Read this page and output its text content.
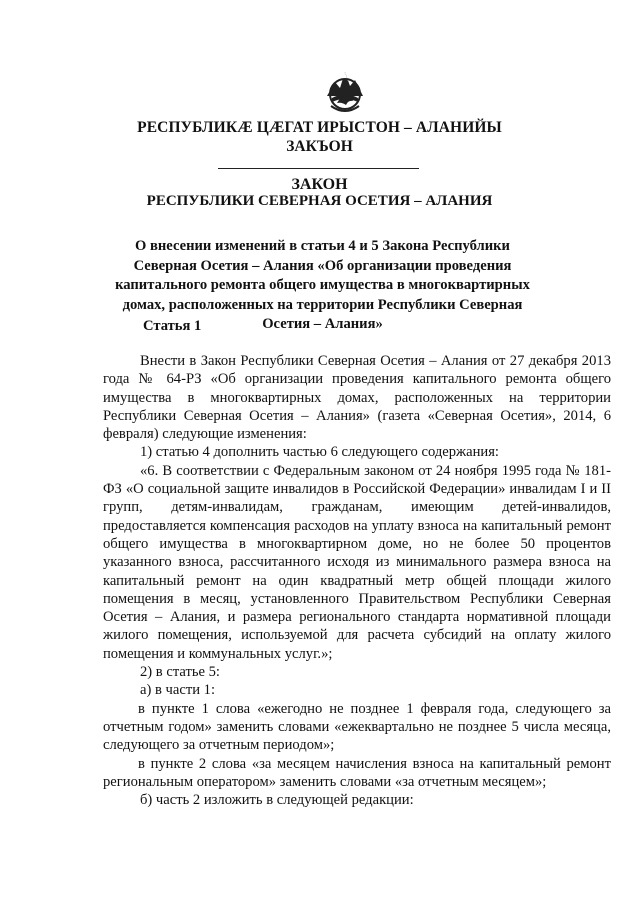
РЕСПУБЛИКӔ ЦӔГАТ ИРЫСТОН – АЛАНИЙЫ
ЗАКЪОН
ЗАКОН
РЕСПУБЛИКИ СЕВЕРНАЯ ОСЕТИЯ – АЛАНИЯ
О внесении изменений в статьи 4 и 5 Закона Республики Северная Осетия – Алания «Об организации проведения капитального ремонта общего имущества в многоквартирных домах, расположенных на территории Республики Северная Осетия – Алания»
Статья 1

Внести в Закон Республики Северная Осетия – Алания от 27 декабря 2013 года № 64-РЗ «Об организации проведения капитального ремонта общего имущества в многоквартирных домах, расположенных на территории Республики Северная Осетия – Алания» (газета «Северная Осетия», 2014, 6 февраля) следующие изменения:

1) статью 4 дополнить частью 6 следующего содержания:

«6. В соответствии с Федеральным законом от 24 ноября 1995 года № 181-ФЗ «О социальной защите инвалидов в Российской Федерации» инвалидам I и II групп, детям-инвалидам, гражданам, имеющим детей-инвалидов, предоставляется компенсация расходов на уплату взноса на капитальный ремонт общего имущества в многоквартирном доме, но не более 50 процентов указанного взноса, рассчитанного исходя из минимального размера взноса на капитальный ремонт на один квадратный метр общей площади жилого помещения в месяц, установленного Правительством Республики Северная Осетия – Алания, и размера регионального стандарта нормативной площади жилого помещения, используемой для расчета субсидий на оплату жилого помещения и коммунальных услуг.»;

2) в статье 5:

а) в части 1:

в пункте 1 слова «ежегодно не позднее 1 февраля года, следующего за отчетным годом» заменить словами «ежеквартально не позднее 5 числа месяца, следующего за отчетным периодом»;

в пункте 2 слова «за месяцем начисления взноса на капитальный ремонт региональным оператором» заменить словами «за отчетным месяцем»;

б) часть 2 изложить в следующей редакции:
